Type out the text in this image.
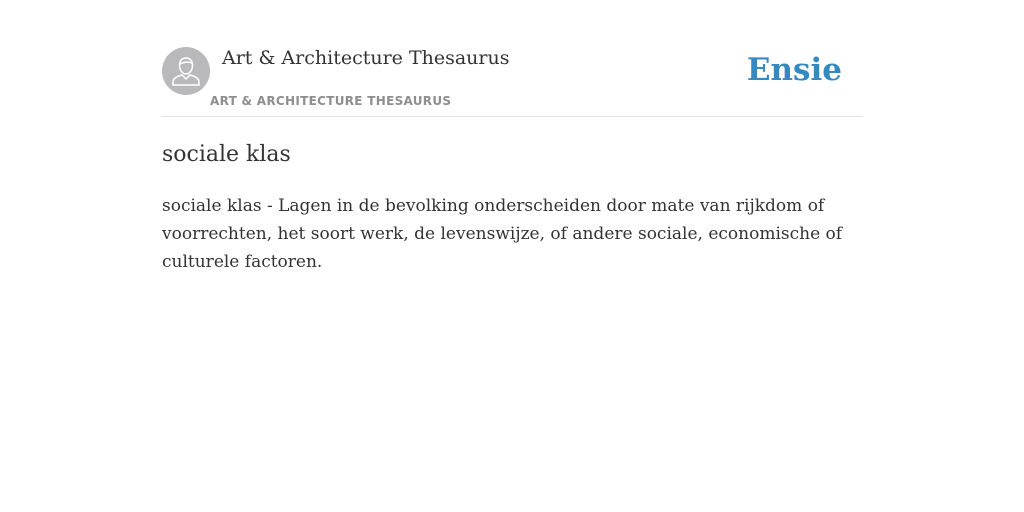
Art & Architecture Thesaurus
ART & ARCHITECTURE THESAURUS
Ensie
sociale klas

sociale klas - Lagen in de bevolking onderscheiden door mate van rijkdom of voorrechten, het soort werk, de levenswijze, of andere sociale, economische of culturele factoren.
